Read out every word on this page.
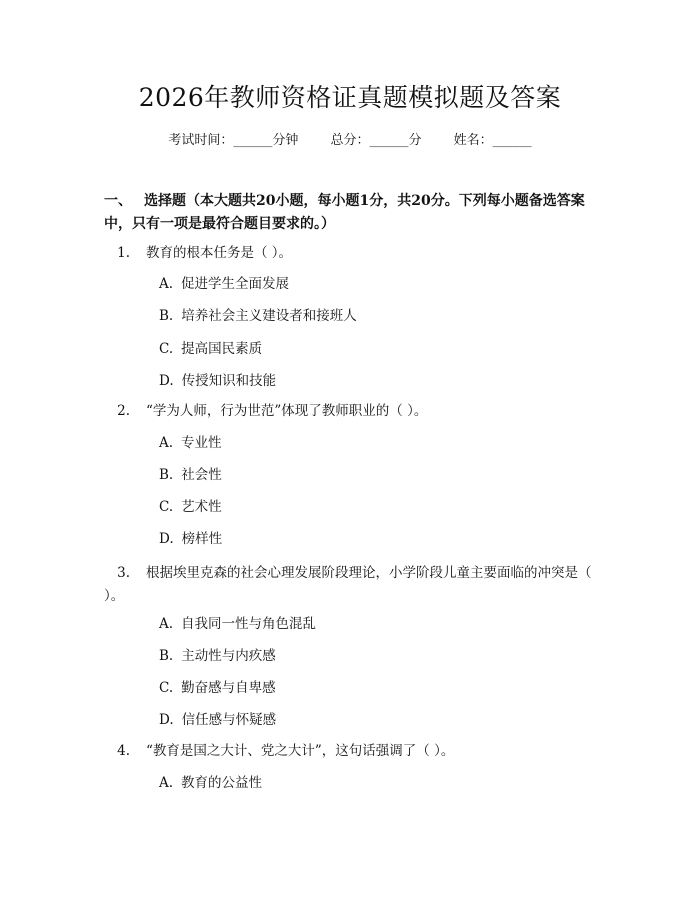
2026年教师资格证真题模拟题及答案
考试时间：______分钟 总分：______分 姓名：______
一、 选择题（本大题共20小题，每小题1分，共20分。下列每小题备选答案中，只有一项是最符合题目要求的。）
1. 教育的根本任务是（ ）。
A. 促进学生全面发展
B. 培养社会主义建设者和接班人
C. 提高国民素质
D. 传授知识和技能
2. “学为人师，行为世范”体现了教师职业的（ ）。
A. 专业性
B. 社会性
C. 艺术性
D. 榜样性
3. 根据埃里克森的社会心理发展阶段理论，小学阶段儿童主要面临的冲突是（ ）。
A. 自我同一性与角色混乱
B. 主动性与内疚感
C. 勤奋感与自卑感
D. 信任感与怀疑感
4. “教育是国之大计、党之大计”，这句话强调了（ ）。
A. 教育的公益性
